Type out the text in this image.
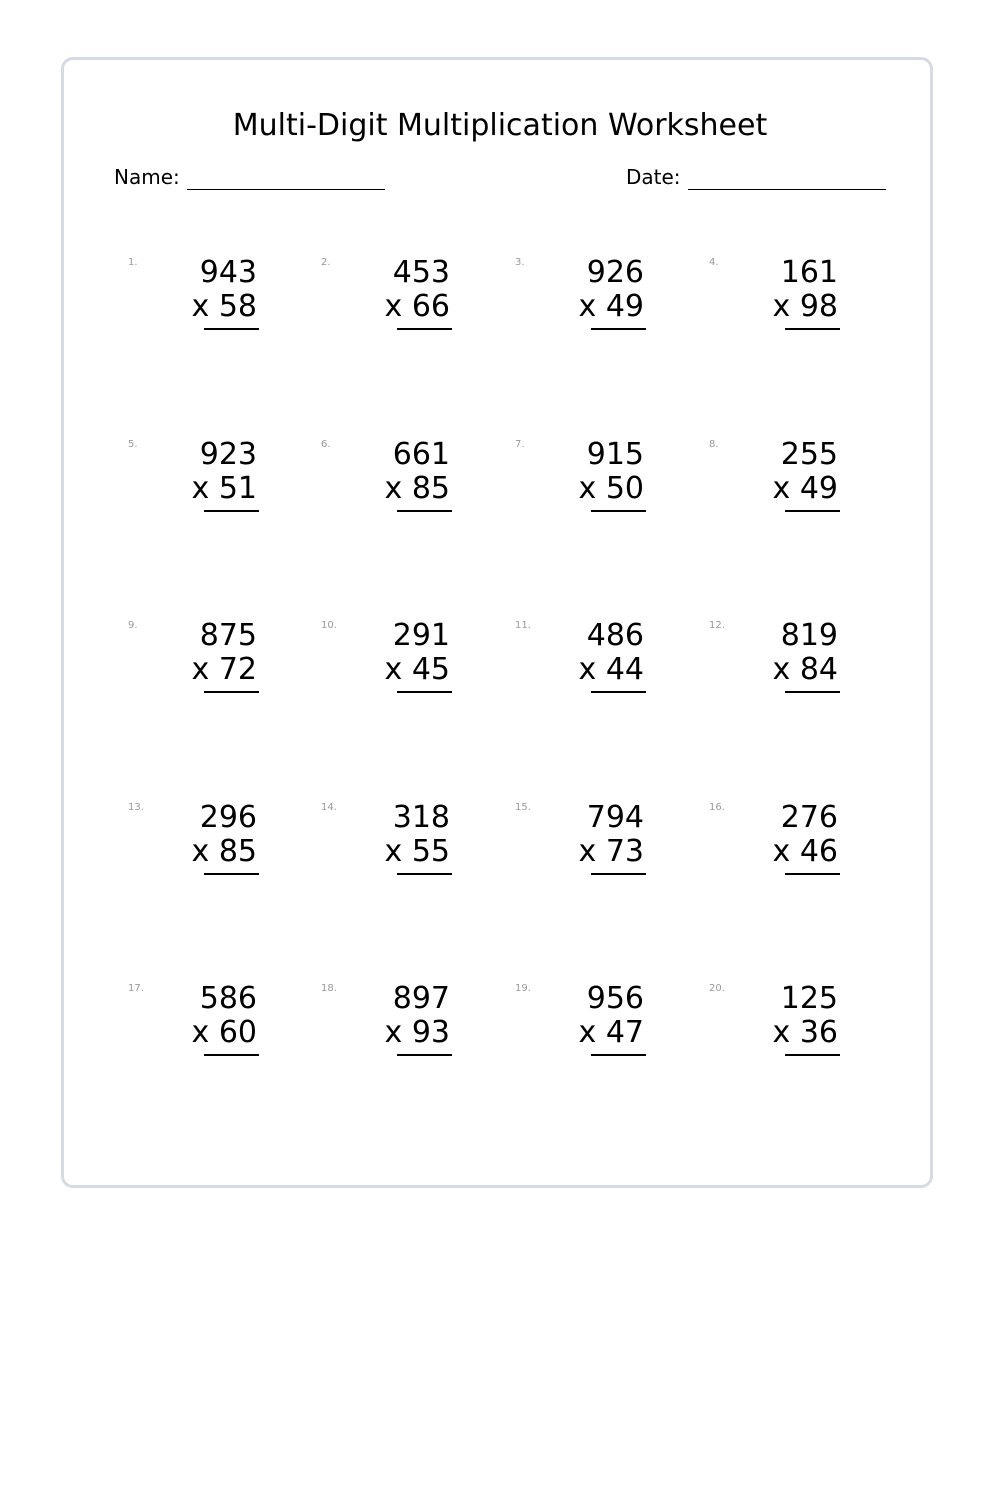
Multi-Digit Multiplication Worksheet
Name:	Date:
1. 943
x 58
2. 453
x 66
3. 926
x 49
4. 161
x 98
5. 923
x 51
6. 661
x 85
7. 915
x 50
8. 255
x 49
9. 875
x 72
10. 291
x 45
11. 486
x 44
12. 819
x 84
13. 296
x 85
14. 318
x 55
15. 794
x 73
16. 276
x 46
17. 586
x 60
18. 897
x 93
19. 956
x 47
20. 125
x 36
